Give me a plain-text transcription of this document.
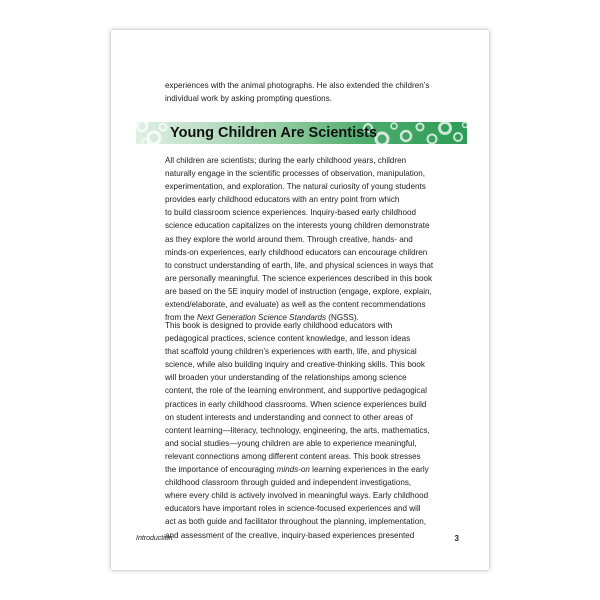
experiences with the animal photographs. He also extended the children’s
individual work by asking prompting questions.

Young Children Are Scientists

All children are scientists; during the early childhood years, children
naturally engage in the scientific processes of observation, manipulation,
experimentation, and exploration. The natural curiosity of young students
provides early childhood educators with an entry point from which
to build classroom science experiences. Inquiry-based early childhood
science education capitalizes on the interests young children demonstrate
as they explore the world around them. Through creative, hands- and
minds-on experiences, early childhood educators can encourage children
to construct understanding of earth, life, and physical sciences in ways that
are personally meaningful. The science experiences described in this book
are based on the 5E inquiry model of instruction (engage, explore, explain,
extend/elaborate, and evaluate) as well as the content recommendations
from the Next Generation Science Standards (NGSS).

This book is designed to provide early childhood educators with
pedagogical practices, science content knowledge, and lesson ideas
that scaffold young children’s experiences with earth, life, and physical
science, while also building inquiry and creative-thinking skills. This book
will broaden your understanding of the relationships among science
content, the role of the learning environment, and supportive pedagogical
practices in early childhood classrooms. When science experiences build
on student interests and understanding and connect to other areas of
content learning—literacy, technology, engineering, the arts, mathematics,
and social studies—young children are able to experience meaningful,
relevant connections among different content areas. This book stresses
the importance of encouraging minds-on learning experiences in the early
childhood classroom through guided and independent investigations,
where every child is actively involved in meaningful ways. Early childhood
educators have important roles in science-focused experiences and will
act as both guide and facilitator throughout the planning, implementation,
and assessment of the creative, inquiry-based experiences presented

Introduction	3
